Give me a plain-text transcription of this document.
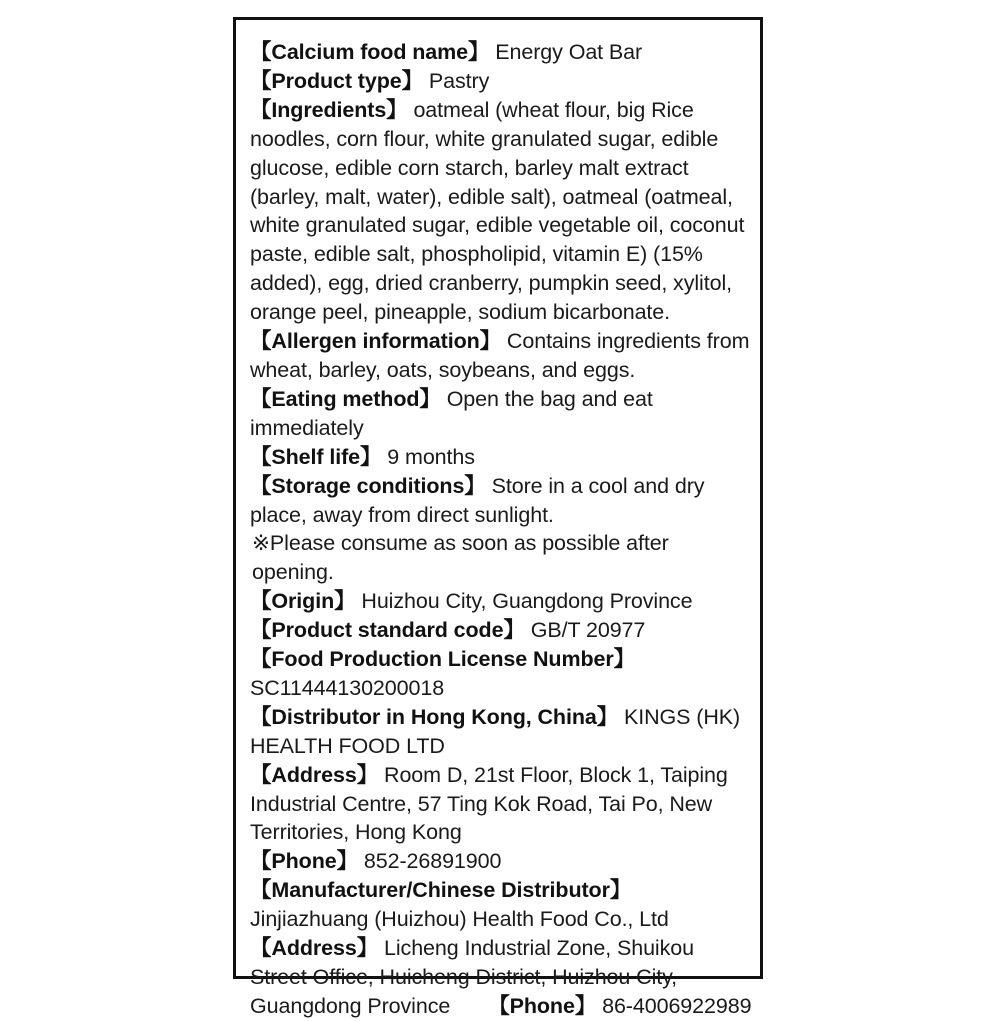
【Calcium food name】 Energy Oat Bar

【Product type】 Pastry

【Ingredients】 oatmeal (wheat flour, big Rice noodles, corn flour, white granulated sugar, edible glucose, edible corn starch, barley malt extract (barley, malt, water), edible salt), oatmeal (oatmeal, white granulated sugar, edible vegetable oil, coconut paste, edible salt, phospholipid, vitamin E) (15% added), egg, dried cranberry, pumpkin seed, xylitol, orange peel, pineapple, sodium bicarbonate.

【Allergen information】 Contains ingredients from wheat, barley, oats, soybeans, and eggs.

【Eating method】 Open the bag and eat immediately

【Shelf life】 9 months

【Storage conditions】 Store in a cool and dry place, away from direct sunlight.

※Please consume as soon as possible after opening.

【Origin】 Huizhou City, Guangdong Province

【Product standard code】 GB/T 20977

【Food Production License Number】
SC11444130200018

【Distributor in Hong Kong, China】 KINGS (HK) HEALTH FOOD LTD

【Address】 Room D, 21st Floor, Block 1, Taiping Industrial Centre, 57 Ting Kok Road, Tai Po, New Territories, Hong Kong

【Phone】 852-26891900

【Manufacturer/Chinese Distributor】 Jinjiazhuang (Huizhou) Health Food Co., Ltd

【Address】 Licheng Industrial Zone, Shuikou Street Office, Huicheng District, Huizhou City, Guangdong Province 【Phone】 86-4006922989
